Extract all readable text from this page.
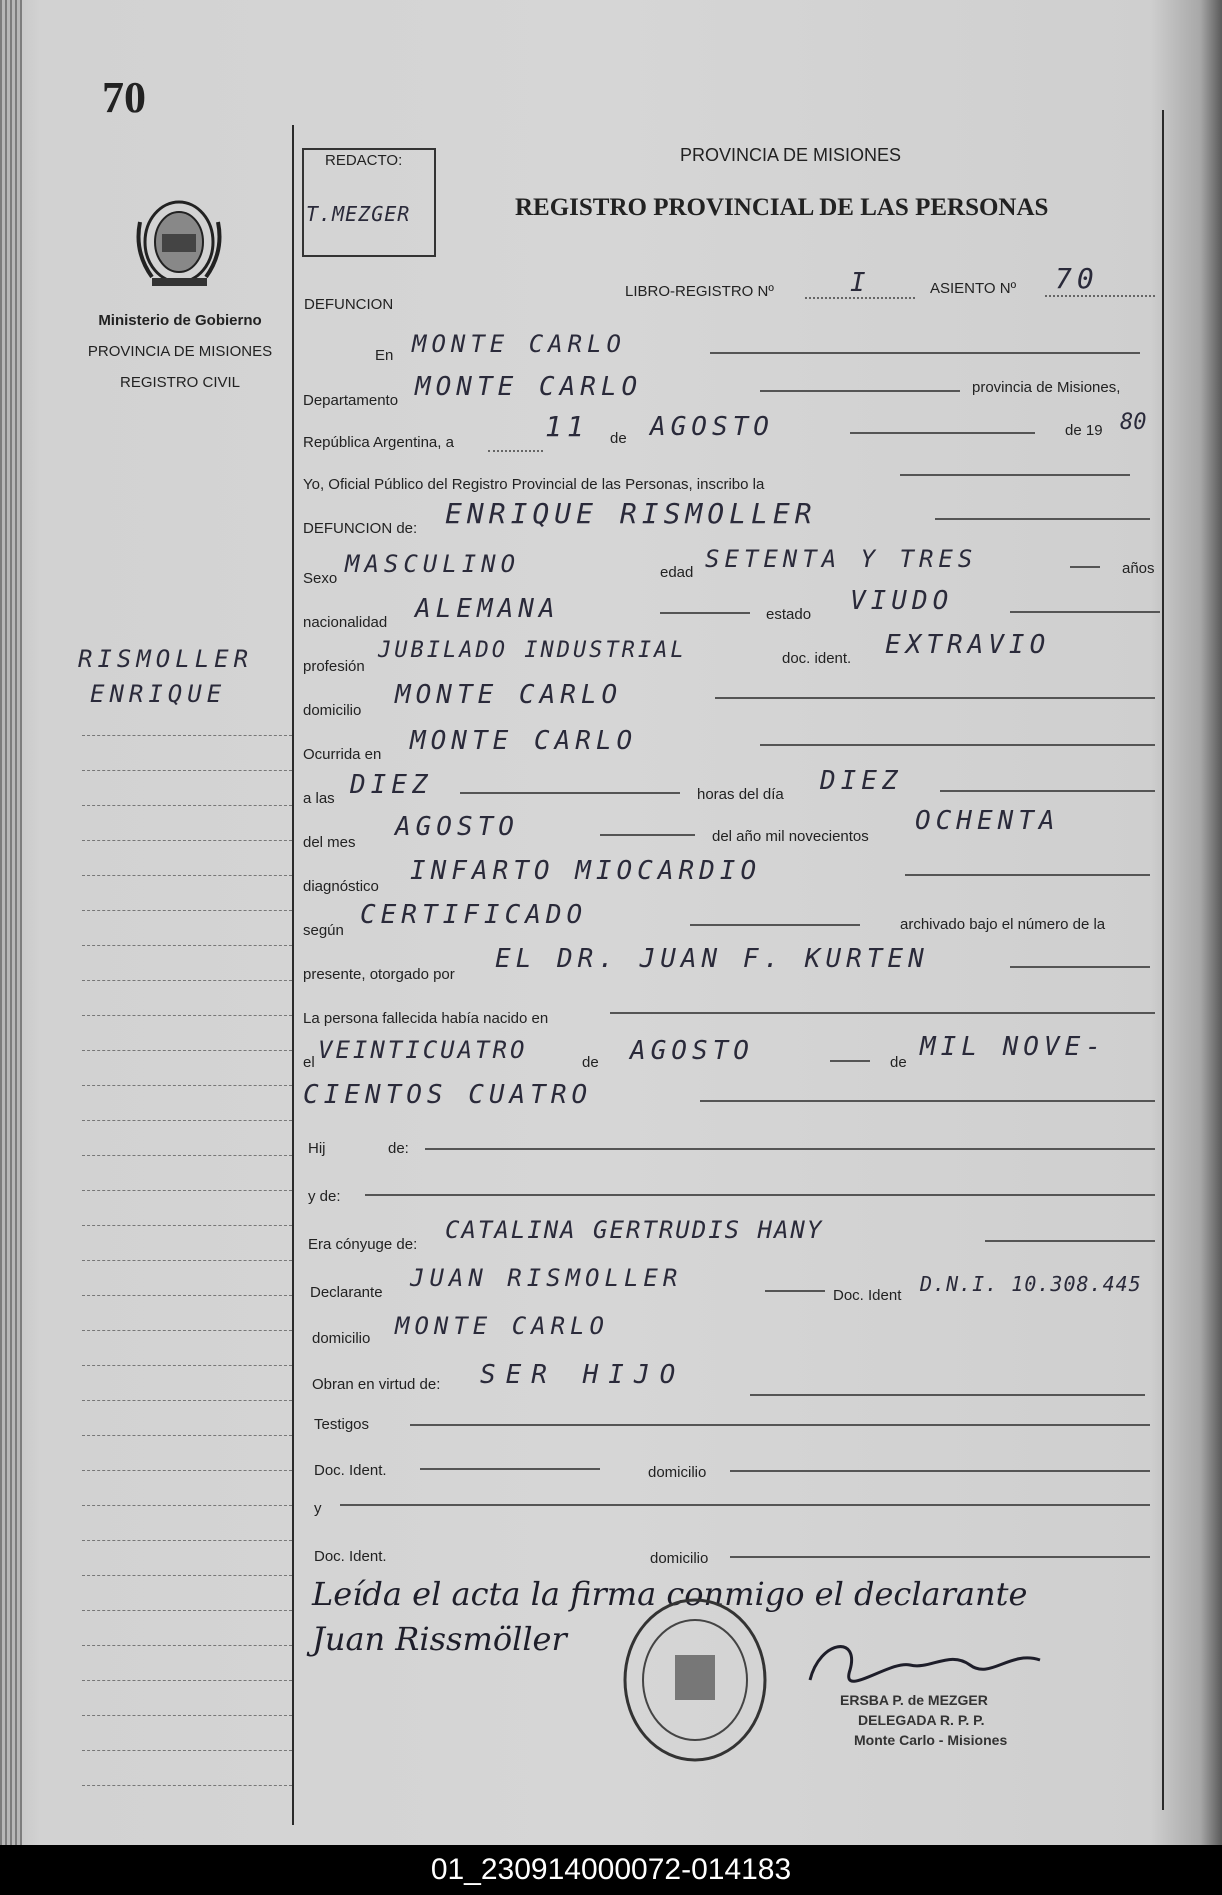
70
Ministerio de Gobierno
PROVINCIA DE MISIONES
REGISTRO CIVIL
RISMOLLER
ENRIQUE
REDACTO:
T.MEZGER
PROVINCIA DE MISIONES
REGISTRO PROVINCIAL DE LAS PERSONAS
DEFUNCION
LIBRO-REGISTRO Nº	I	ASIENTO Nº 70
En MONTE CARLO
Departamento MONTE CARLO	provincia de Misiones,
República Argentina, a	11 de AGOSTO	de 19 80
Yo, Oficial Público del Registro Provincial de las Personas, inscribo la
DEFUNCION de: ENRIQUE RISMOLLER
Sexo
MASCULINO	edad SETENTA Y TRES	años
nacionalidad ALEMANA	estado VIUDO
profesión
JUBILADO INDUSTRIAL	doc. ident. EXTRAVIO
domicilio
MONTE CARLO
Ocurrida en MONTE CARLO
a las DIEZ	horas del día DIEZ
del mes
AGOSTO	del año mil novecientos
OCHENTA
diagnóstico
INFARTO MIOCARDIO
según
CERTIFICADO	archivado bajo el número de la
presente, otorgado por
EL DR. JUAN F. KURTEN
La persona fallecida había nacido en
el VEINTICUATRO	de AGOSTO	de
MIL NOVE-
CIENTOS CUATRO
Hij	de:
y de:
Era cónyuge de:
CATALINA GERTRUDIS HANY
Declarante
JUAN RISMOLLER
Doc. Ident D.N.I. 10.308.445
domicilio MONTE CARLO
Obran en virtud de: SER HIJO
Testigos
Doc. Ident.	domicilio
y
Doc. Ident.	domicilio
Leída el acta la firma conmigo el declarante
Juan Rissmöller
ERSBA P. de MEZGER
DELEGADA R. P. P.
Monte Carlo - Misiones
01_230914000072-014183
